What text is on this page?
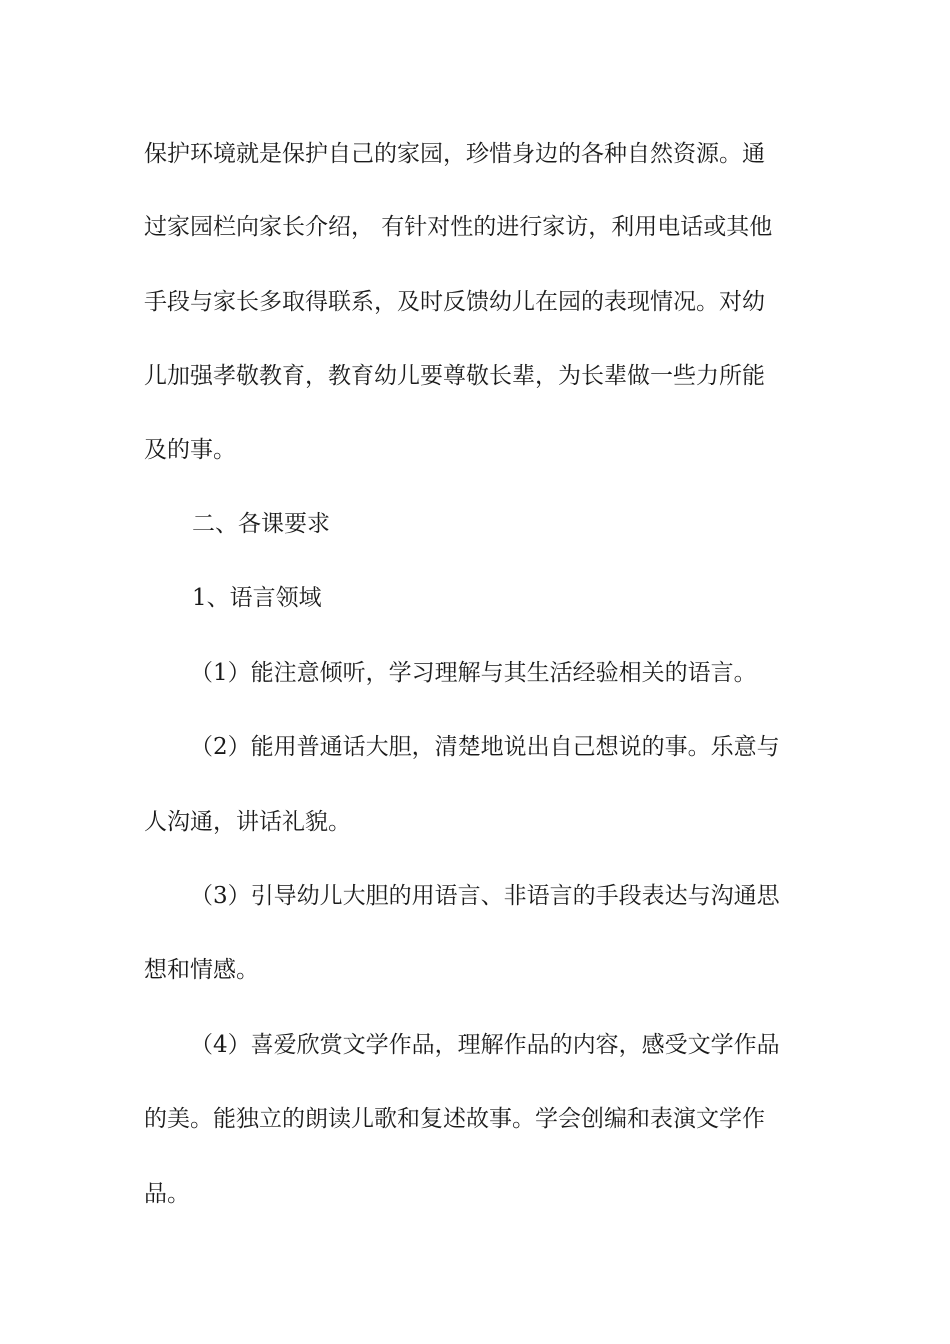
保护环境就是保护自己的家园，珍惜身边的各种自然资源。通
过家园栏向家长介绍， 有针对性的进行家访，利用电话或其他
手段与家长多取得联系，及时反馈幼儿在园的表现情况。对幼
儿加强孝敬教育，教育幼儿要尊敬长辈，为长辈做一些力所能
及的事。
二、各课要求
1、语言领域
（1）能注意倾听，学习理解与其生活经验相关的语言。
（2）能用普通话大胆，清楚地说出自己想说的事。乐意与
人沟通，讲话礼貌。
（3）引导幼儿大胆的用语言、非语言的手段表达与沟通思
想和情感。
（4）喜爱欣赏文学作品，理解作品的内容，感受文学作品
的美。能独立的朗读儿歌和复述故事。学会创编和表演文学作
品。
